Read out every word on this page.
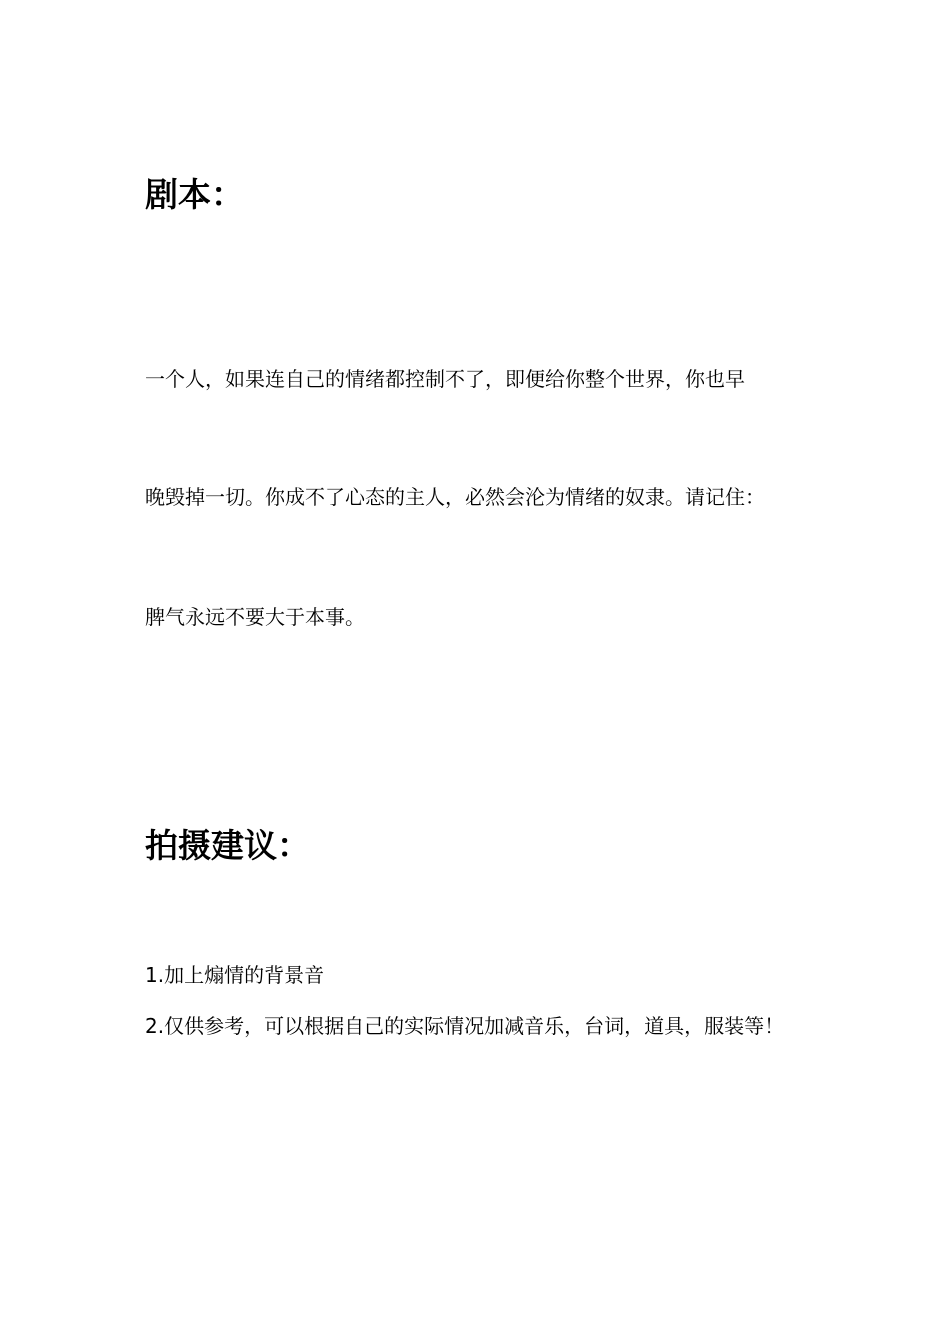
剧本：

一个人，如果连自己的情绪都控制不了，即便给你整个世界，你也早

晚毁掉一切。你成不了心态的主人，必然会沦为情绪的奴隶。请记住：

脾气永远不要大于本事。

拍摄建议：

1.加上煽情的背景音

2.仅供参考，可以根据自己的实际情况加减音乐，台词，道具，服装等！
